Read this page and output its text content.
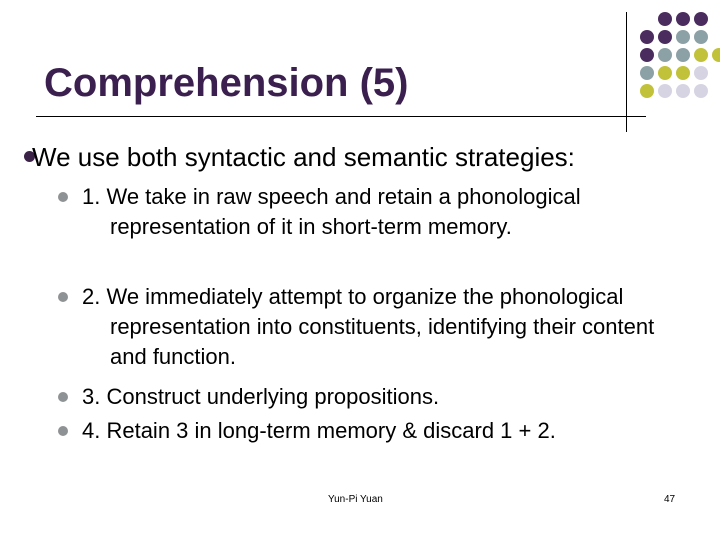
Comprehension (5)
We use both syntactic and semantic strategies:
1. We take in raw speech and retain a phonological representation of it in short-term memory.
2. We immediately attempt to organize the phonological representation into constituents, identifying their content and function.
3. Construct underlying propositions.
4. Retain 3 in long-term memory & discard 1 + 2.
Yun-Pi Yuan	47
